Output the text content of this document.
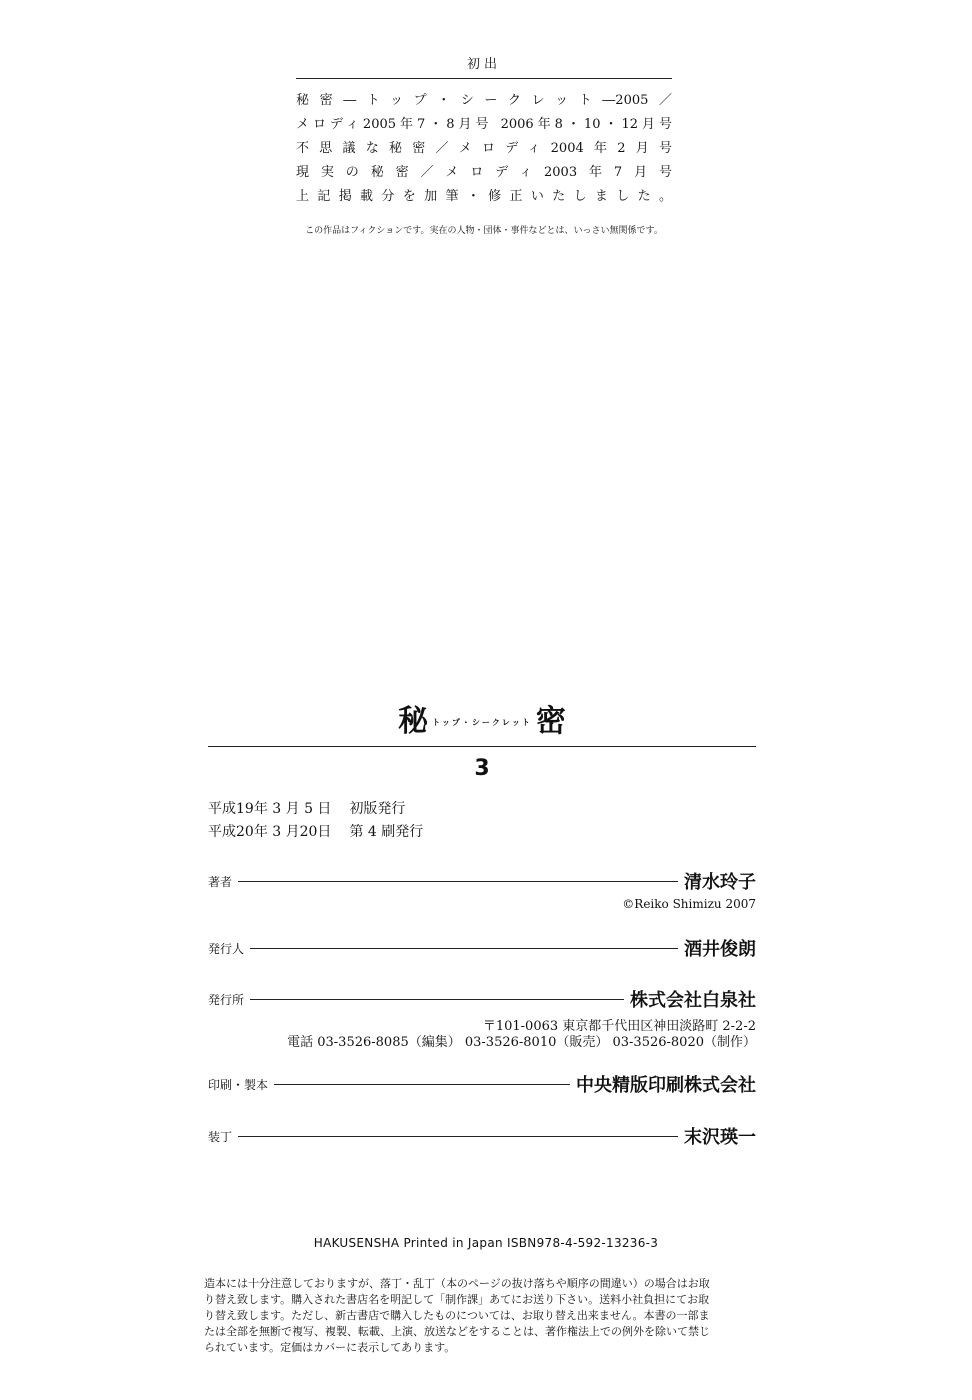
初出
秘密―トップ・シークレット―2005／
メロディ2005年7・8月号 2006年8・10・12月号
不思議な秘密／メロディ2004年2月号
現実の秘密／メロディ2003年7月号
上記掲載分を加筆・修正いたしました。
この作品はフィクションです。実在の人物・団体・事件などとは、いっさい無関係です。
秘トップ・シークレット 密
3
平成19年 3 月 5 日 初版発行
平成20年 3 月20日 第 4 刷発行
著者	清水玲子
©Reiko Shimizu 2007
発行人	酒井俊朗
発行所	株式会社白泉社
〒101-0063 東京都千代田区神田淡路町 2-2-2
電話 03-3526-8085（編集） 03-3526-8010（販売） 03-3526-8020（制作）
印刷・製本	中央精版印刷株式会社
装丁	末沢瑛一
HAKUSENSHA Printed in Japan ISBN978-4-592-13236-3
造本には十分注意しておりますが、落丁・乱丁（本のページの抜け落ちや順序の間違い）の場合はお取
り替え致します。購入された書店名を明記して「制作課」あてにお送り下さい。送料小社負担にてお取
り替え致します。ただし、新古書店で購入したものについては、お取り替え出来ません。本書の一部ま
たは全部を無断で複写、複製、転載、上演、放送などをすることは、著作権法上での例外を除いて禁じ
られています。定価はカバーに表示してあります。
